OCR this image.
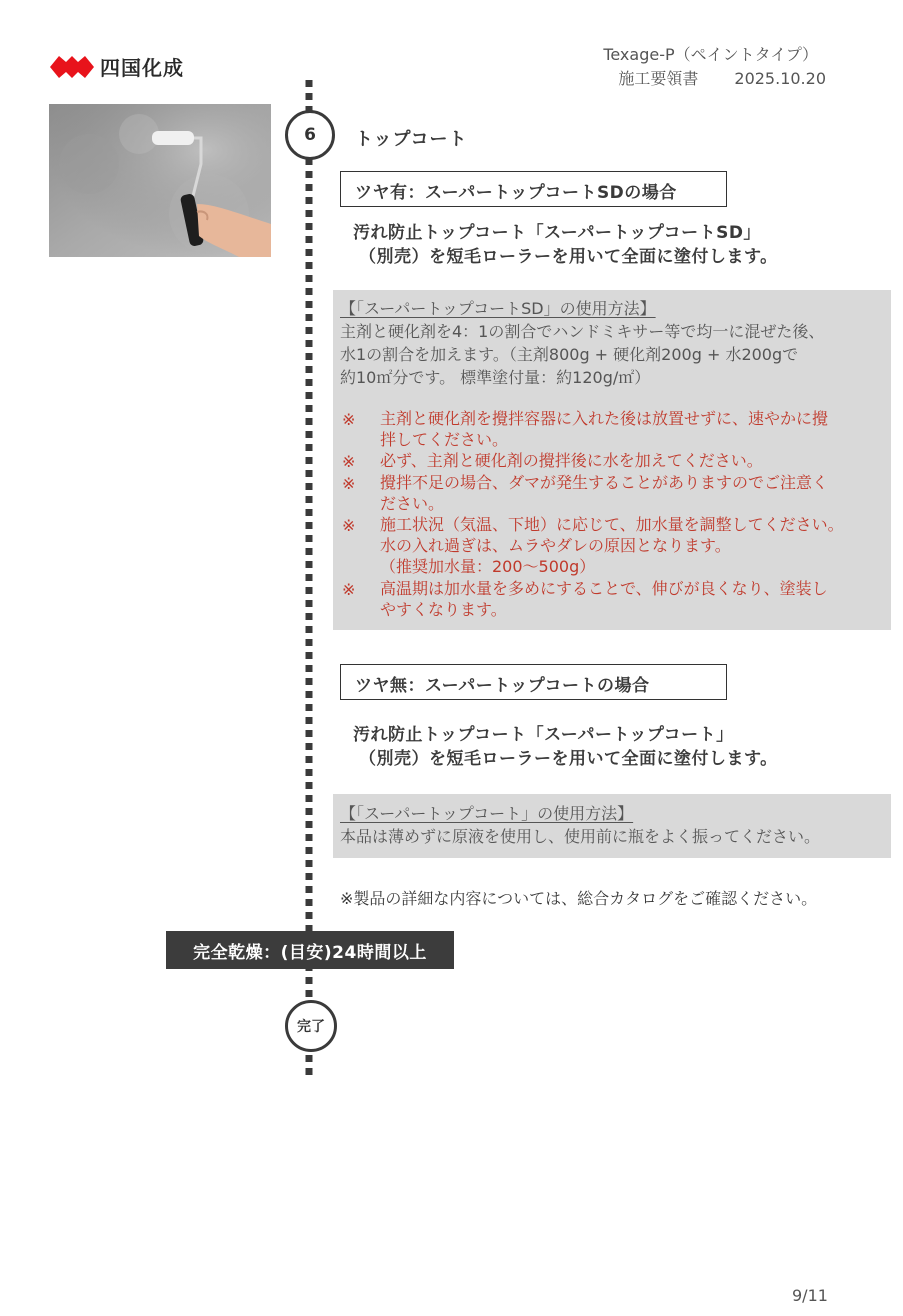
四国化成
Texage-P（ペイントタイプ）
施工要領書 2025.10.20
6	トップコート
ツヤ有：スーパートップコートSDの場合
汚れ防止トップコート「スーパートップコートSD」
（別売）を短毛ローラーを用いて全面に塗付します。
【「スーパートップコートSD」の使用方法】
主剤と硬化剤を4：1の割合でハンドミキサー等で均一に混ぜた後、
水1の割合を加えます。（主剤800g + 硬化剤200g + 水200gで
約10㎡分です。 標準塗付量：約120g/㎡）
※ 主剤と硬化剤を攪拌容器に入れた後は放置せずに、速やかに攪
拌してください。
※ 必ず、主剤と硬化剤の攪拌後に水を加えてください。
※ 攪拌不足の場合、ダマが発生することがありますのでご注意く
ださい。
※ 施工状況（気温、下地）に応じて、加水量を調整してください。
水の入れ過ぎは、ムラやダレの原因となります。
（推奨加水量：200～500g）
※ 高温期は加水量を多めにすることで、伸びが良くなり、塗装し
やすくなります。
ツヤ無：スーパートップコートの場合
汚れ防止トップコート「スーパートップコート」
（別売）を短毛ローラーを用いて全面に塗付します。
【「スーパートップコート」の使用方法】
本品は薄めずに原液を使用し、使用前に瓶をよく振ってください。
※製品の詳細な内容については、総合カタログをご確認ください。
完全乾燥：(目安)24時間以上
完了
9/11
